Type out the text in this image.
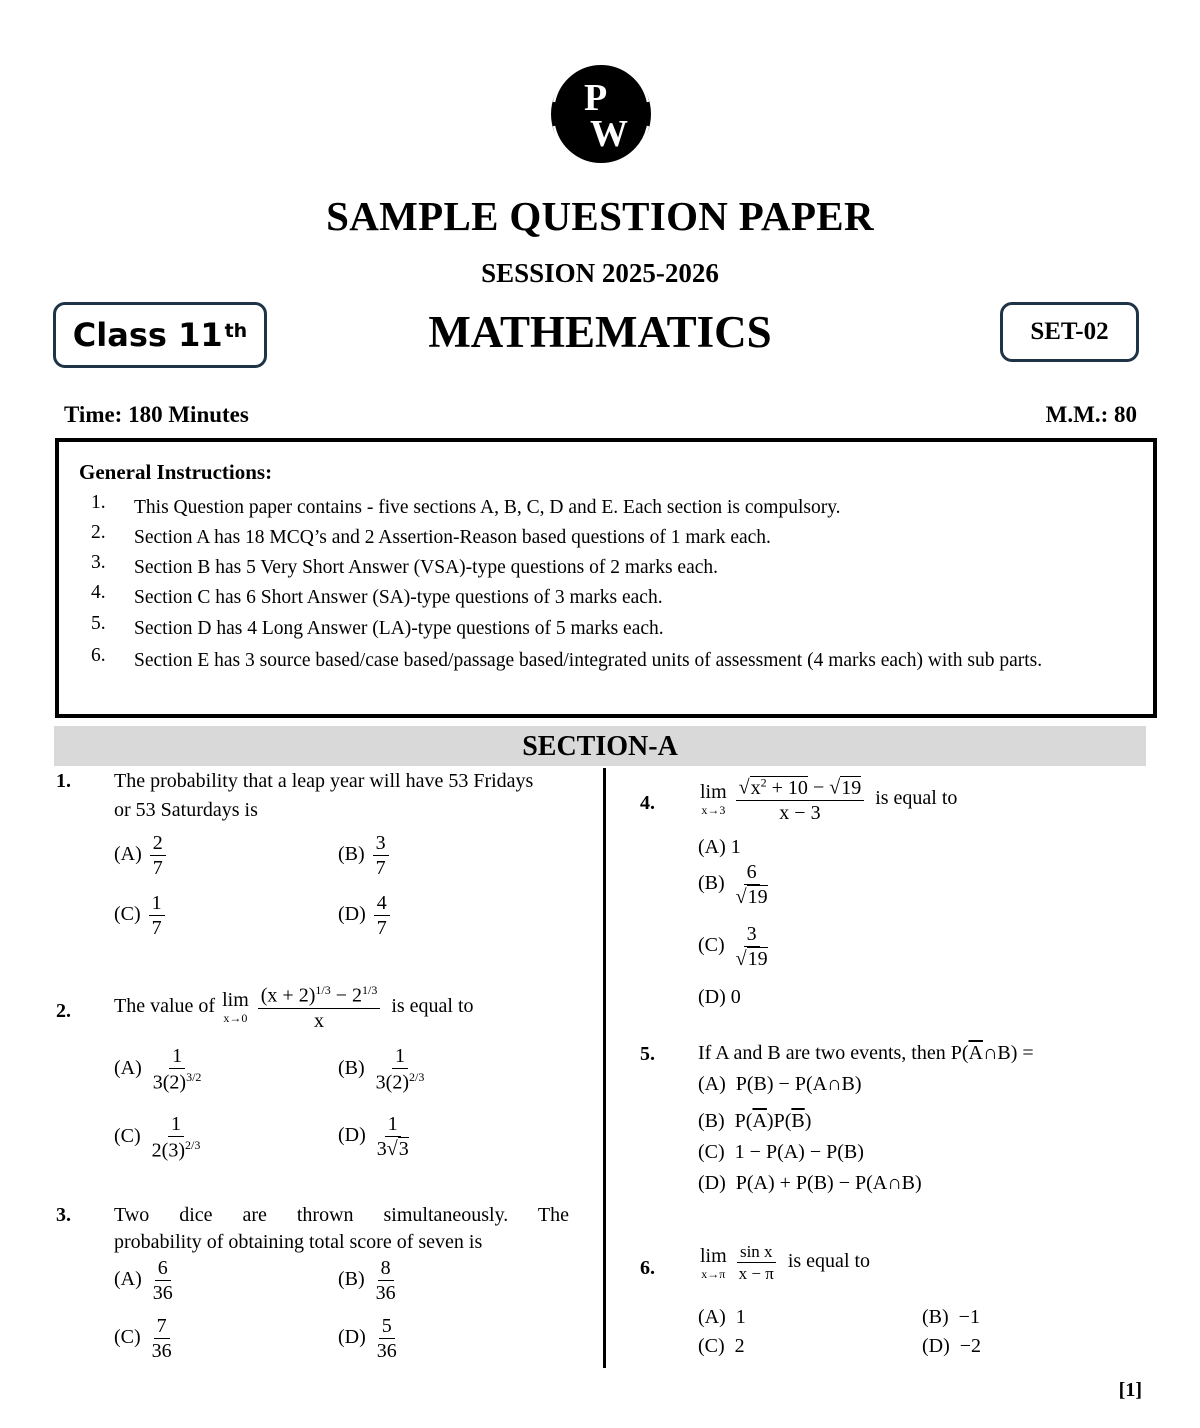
P
W
SAMPLE QUESTION PAPER
SESSION 2025-2026
MATHEMATICS
Class 11th	SET-02
Time: 180 Minutes	M.M.: 80
General Instructions:
1. This Question paper contains - five sections A, B, C, D and E. Each section is compulsory.
2. Section A has 18 MCQ’s and 2 Assertion-Reason based questions of 1 mark each.
3. Section B has 5 Very Short Answer (VSA)-type questions of 2 marks each.
4. Section C has 6 Short Answer (SA)-type questions of 3 marks each.
5. Section D has 4 Long Answer (LA)-type questions of 5 marks each.
6. Section E has 3 source based/case based/passage based/integrated units of assessment (4 marks each) with sub parts.
SECTION-A
1. The probability that a leap year will have 53 Fridays
or 53 Saturdays is
$(A) \frac{2}{7}$	$(B) \frac{3}{7}$
$(C) \frac{1}{7}$	$(D) \frac{4}{7}$
2. The value of lim
x→0
$\frac{(x + 2)^{1/3} - 2^{1/3}}{x}$ is equal to
$(A) \frac{1}{3(2)^{3/2}}$	$(B) \frac{1}{3(2)^{2/3}}$
$(C) \frac{1}{2(3)^{2/3}}$	$(D) \frac{1}{3√3}$
3. Two dice are thrown simultaneously. The
probability of obtaining total score of seven is
$(A) \frac{6}{36}$	$(B) \frac{8}{36}$
$(C) \frac{7}{36}$	$(D) \frac{5}{36}$
4. lim
x→3
$\frac{√x^2 + 10 - √19}{x - 3}$ is equal to
(A) 1
$(B) \frac{6}{√19}$
$(C) \frac{3}{√19}$
(D) 0
5. If A and B are two events, then $P(\overline{A}\cap B)$ =
(A) P(B) − P(A∩B)
(B) $P(\overline{A})P(\overline{B})$
(C) 1 − P(A) − P(B)
(D) P(A) + P(B) − P(A∩B)
6.
lim
x→π
$\frac{\text{sin x}}{x - \pi}$ is equal to
(A) 1	(B) −1
(C) 2	(D) −2
[1]
